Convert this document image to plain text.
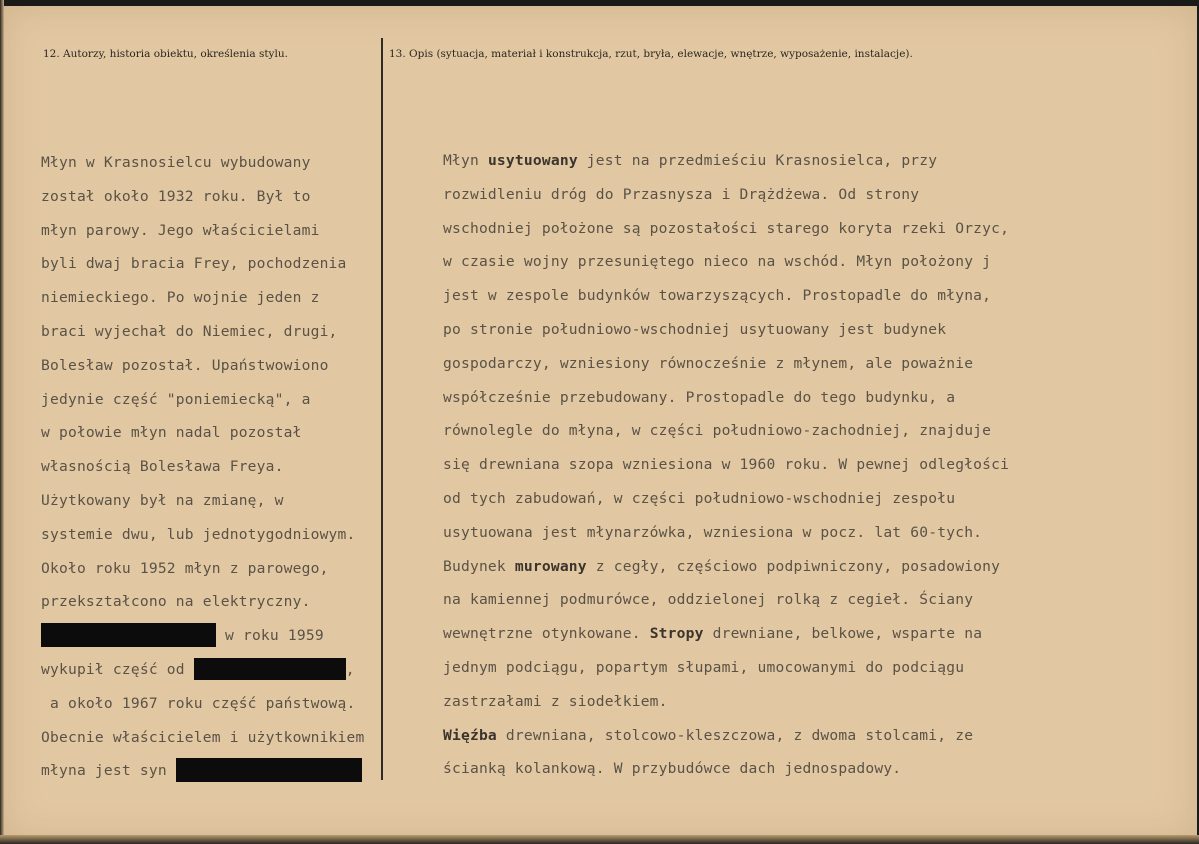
12. Autorzy, historia obiektu, określenia stylu.	13. Opis (sytuacja, materiał i konstrukcja, rzut, bryła, elewacje, wnętrze, wyposażenie, instalacje).
Młyn w Krasnosielcu wybudowany
został około 1932 roku. Był to
młyn parowy. Jego właścicielami
byli dwaj bracia Frey, pochodzenia
niemieckiego. Po wojnie jeden z
braci wyjechał do Niemiec, drugi,
Bolesław pozostał. Upaństwowiono
jedynie część "poniemiecką", a
w połowie młyn nadal pozostał
własnością Bolesława Freya.
Użytkowany był na zmianę, w
systemie dwu, lub jednotygodniowym.
Około roku 1952 młyn z parowego,
przekształcono na elektryczny.
w roku 1959
wykupił część od	,
a około 1967 roku część państwową.
Obecnie właścicielem i użytkownikiem
młyna jest syn
Młyn usytuowany jest na przedmieściu Krasnosielca, przy
rozwidleniu dróg do Przasnysza i Drążdżewa. Od strony
wschodniej położone są pozostałości starego koryta rzeki Orzyc,
w czasie wojny przesuniętego nieco na wschód. Młyn położony j
jest w zespole budynków towarzyszących. Prostopadle do młyna,
po stronie południowo-wschodniej usytuowany jest budynek
gospodarczy, wzniesiony równocześnie z młynem, ale poważnie
współcześnie przebudowany. Prostopadle do tego budynku, a
równolegle do młyna, w części południowo-zachodniej, znajduje
się drewniana szopa wzniesiona w 1960 roku. W pewnej odległości
od tych zabudowań, w części południowo-wschodniej zespołu
usytuowana jest młynarzówka, wzniesiona w pocz. lat 60-tych.
Budynek murowany z cegły, częściowo podpiwniczony, posadowiony
na kamiennej podmurówce, oddzielonej rolką z cegieł. Ściany
wewnętrzne otynkowane. Stropy drewniane, belkowe, wsparte na
jednym podciągu, popartym słupami, umocowanymi do podciągu
zastrzałami z siodełkiem.
Więźba drewniana, stolcowo-kleszczowa, z dwoma stolcami, ze
ścianką kolankową. W przybudówce dach jednospadowy.
